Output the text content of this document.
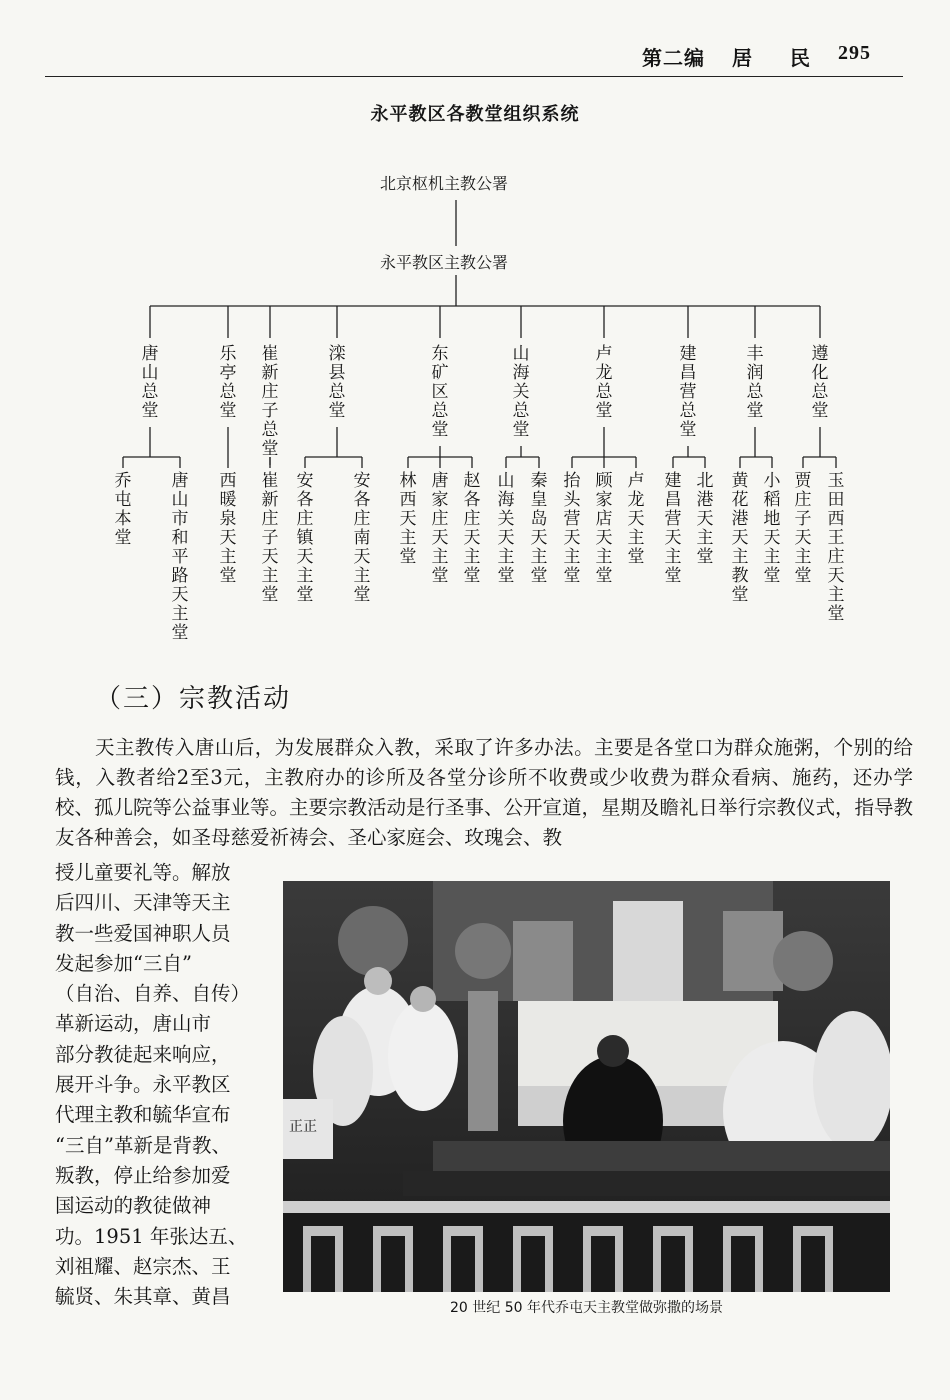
第二编 居 民 295
永平教区各教堂组织系统
北京枢机主教公署
永平教区主教公署
唐山总堂
乔屯本堂
唐山市和平路天主堂
乐亭总堂
西暖泉天主堂
崔新庄子总堂
崔新庄子天主堂
滦县总堂
安各庄镇天主堂
安各庄南天主堂
东矿区总堂
林西天主堂
唐家庄天主堂
赵各庄天主堂
山海关总堂
山海关天主堂
秦皇岛天主堂
卢龙总堂
抬头营天主堂
顾家店天主堂
卢龙天主堂
建昌营总堂
建昌营天主堂
北港天主堂
丰润总堂
黄花港天主教堂
小稻地天主堂
遵化总堂
贾庄子天主堂
玉田西王庄天主堂
（三）宗教活动

天主教传入唐山后，为发展群众入教，采取了许多办法。主要是各堂口为群众施粥，个别的给钱，入教者给2至3元，主教府办的诊所及各堂分诊所不收费或少收费为群众看病、施药，还办学校、孤儿院等公益事业等。主要宗教活动是行圣事、公开宣道，星期及瞻礼日举行宗教仪式，指导教友各种善会，如圣母慈爱祈祷会、圣心家庭会、玫瑰会、教

授儿童要礼等。解放
后四川、天津等天主
教一些爱国神职人员
发起参加“三自”
（自治、自养、自传）
革新运动，唐山市
部分教徒起来响应，
展开斗争。永平教区
代理主教和毓华宣布
“三自”革新是背教、
叛教，停止给参加爱
国运动的教徒做神
功。1951 年张达五、
刘祖耀、赵宗杰、王
毓贤、朱其章、黄昌
正正
20 世纪 50 年代乔屯天主教堂做弥撒的场景
